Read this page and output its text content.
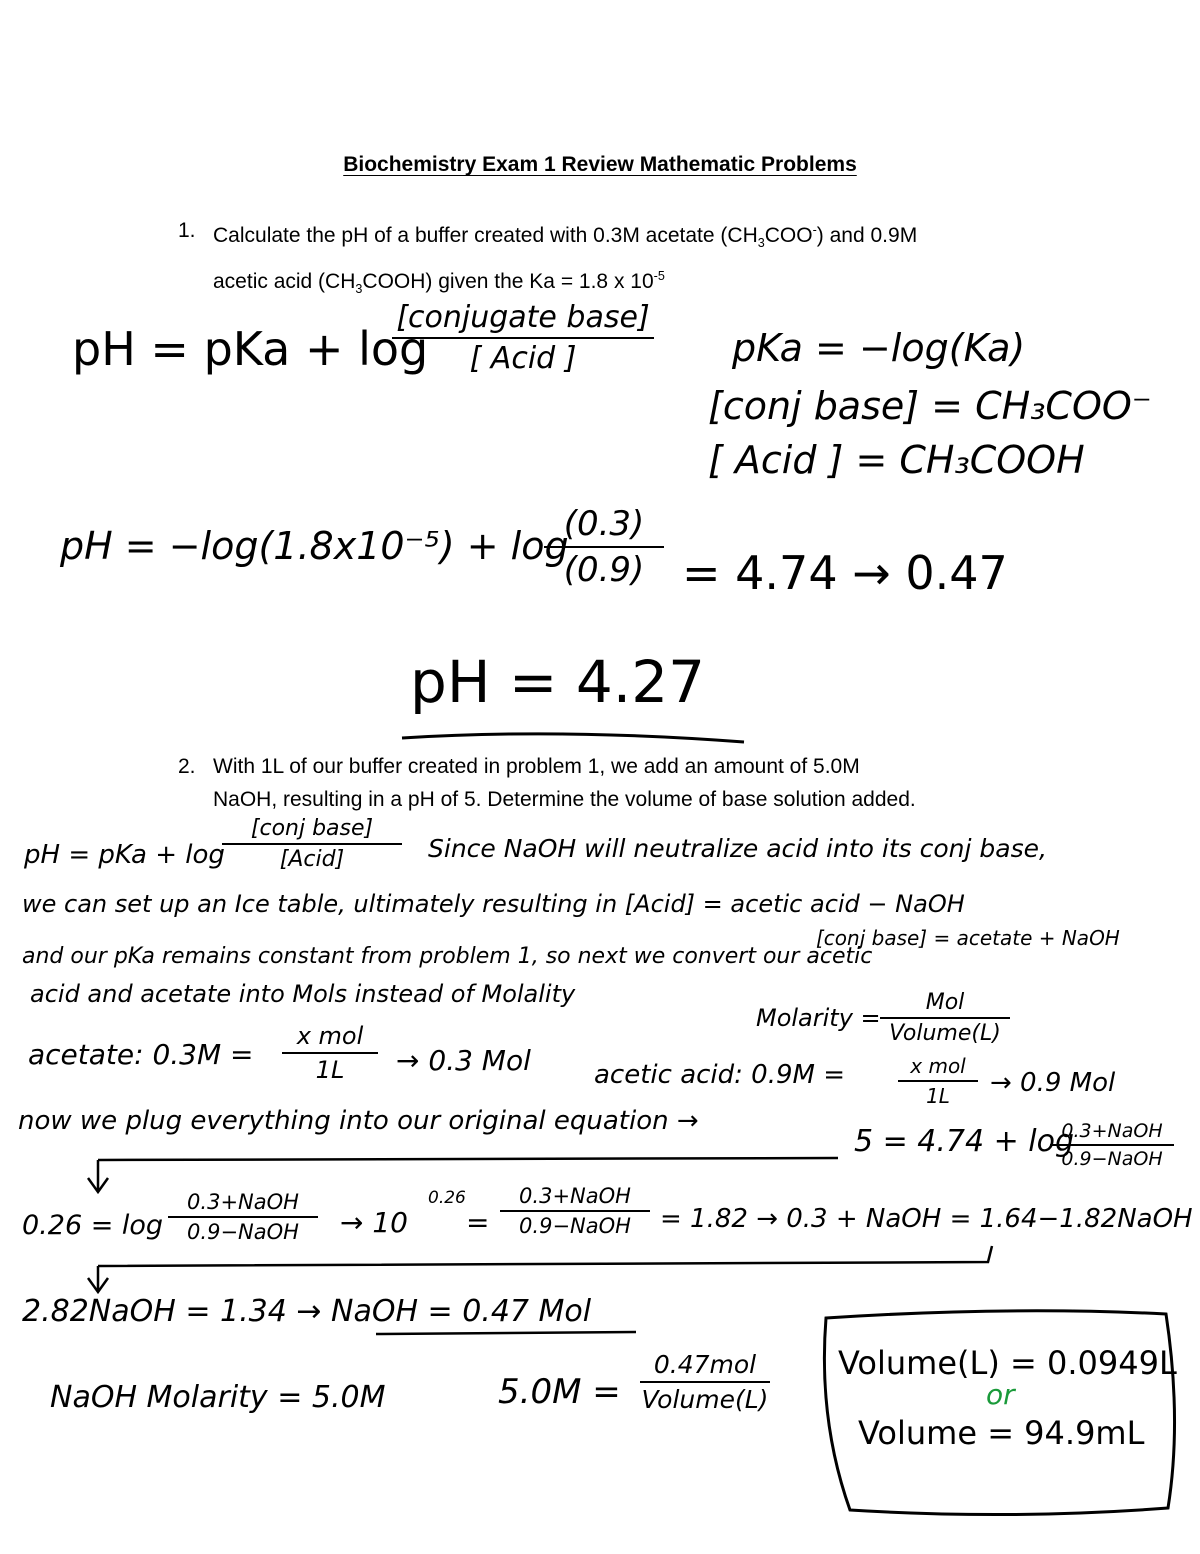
Biochemistry Exam 1 Review Mathematic Problems
1. Calculate the pH of a buffer created with 0.3M acetate $(CH_3COO^-)$ and 0.9M
acetic acid $(CH_3COOH)$ given the Ka = 1.8 x $10^{-5}$
pH = pKa + log
[conjugate base]
[ Acid ]	pKa = −log(Ka)
[conj base] = CH₃COO⁻
[ Acid ] = CH₃COOH
pH = −log(1.8x10⁻⁵) + log
(0.3)
(0.9) = 4.74 → 0.47
pH = 4.27
2. With 1L of our buffer created in problem 1, we add an amount of 5.0M
NaOH, resulting in a pH of 5. Determine the volume of base solution added.
pH = pKa + log
[conj base]
[Acid]	Since NaOH will neutralize acid into its conj base,
we can set up an Ice table, ultimately resulting in [Acid] = acetic acid − NaOH
[conj base] = acetate + NaOH
and our pKa remains constant from problem 1, so next we convert our acetic
acid and acetate into Mols instead of Molality
Molarity =
Mol
Volume(L)
acetate: 0.3M =
x mol
1L	→ 0.3 Mol acetic acid: 0.9M =	x mol
1L	→ 0.9 Mol
now we plug everything into our original equation →
5 = 4.74 + log
0.3+NaOH
0.9−NaOH
0.26 = log
0.3+NaOH
0.9−NaOH	→ 10
0.26
=
0.3+NaOH
0.9−NaOH	= 1.82 → 0.3 + NaOH = 1.64−1.82NaOH
2.82NaOH = 1.34 → NaOH = 0.47 Mol
NaOH Molarity = 5.0M	5.0M =
0.47mol
Volume(L)
Volume(L) = 0.0949L
or
Volume = 94.9mL
